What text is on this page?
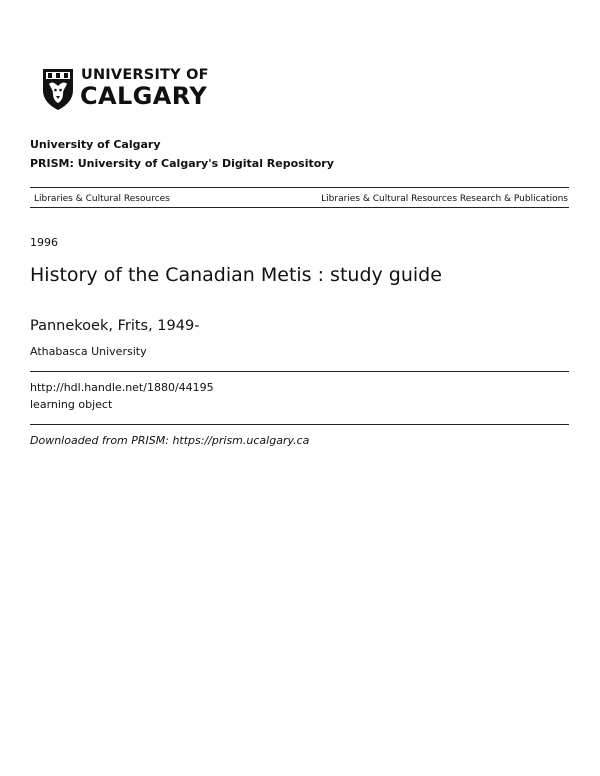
UNIVERSITY OF
CALGARY
University of Calgary
PRISM: University of Calgary's Digital Repository
Libraries & Cultural Resources	Libraries & Cultural Resources Research & Publications
1996
History of the Canadian Metis : study guide
Pannekoek, Frits, 1949-
Athabasca University
http://hdl.handle.net/1880/44195
learning object
Downloaded from PRISM: https://prism.ucalgary.ca
